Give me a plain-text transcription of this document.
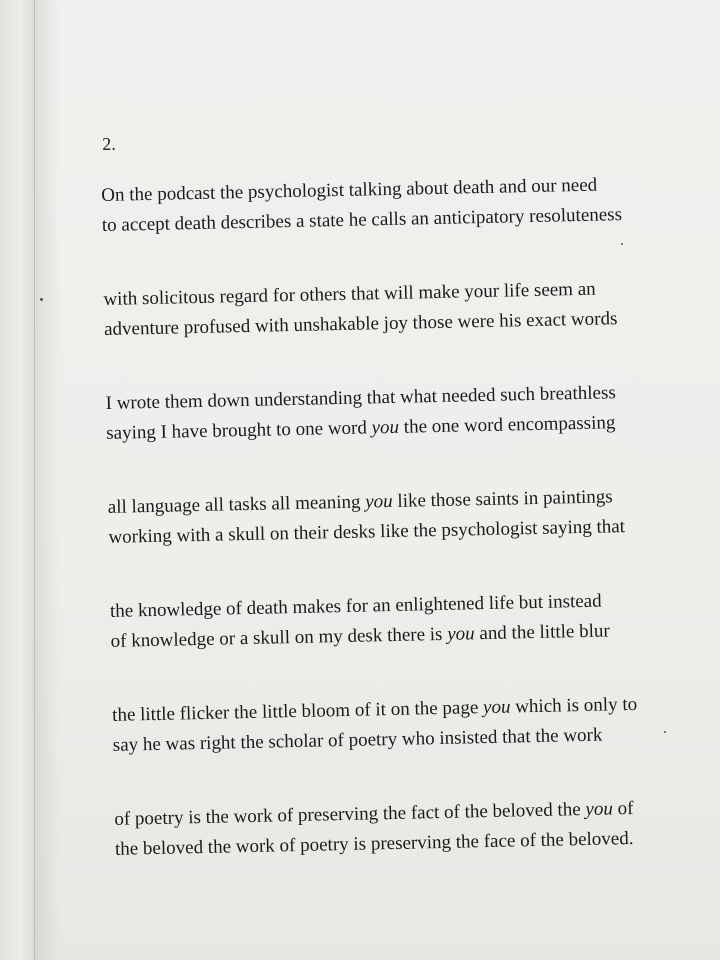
2.
On the podcast the psychologist talking about death and our need
to accept death describes a state he calls an anticipatory resoluteness
with solicitous regard for others that will make your life seem an
adventure profused with unshakable joy those were his exact words
I wrote them down understanding that what needed such breathless
saying I have brought to one word you the one word encompassing
all language all tasks all meaning you like those saints in paintings
working with a skull on their desks like the psychologist saying that
the knowledge of death makes for an enlightened life but instead
of knowledge or a skull on my desk there is you and the little blur
the little flicker the little bloom of it on the page you which is only to
say he was right the scholar of poetry who insisted that the work
of poetry is the work of preserving the fact of the beloved the you of
the beloved the work of poetry is preserving the face of the beloved.
